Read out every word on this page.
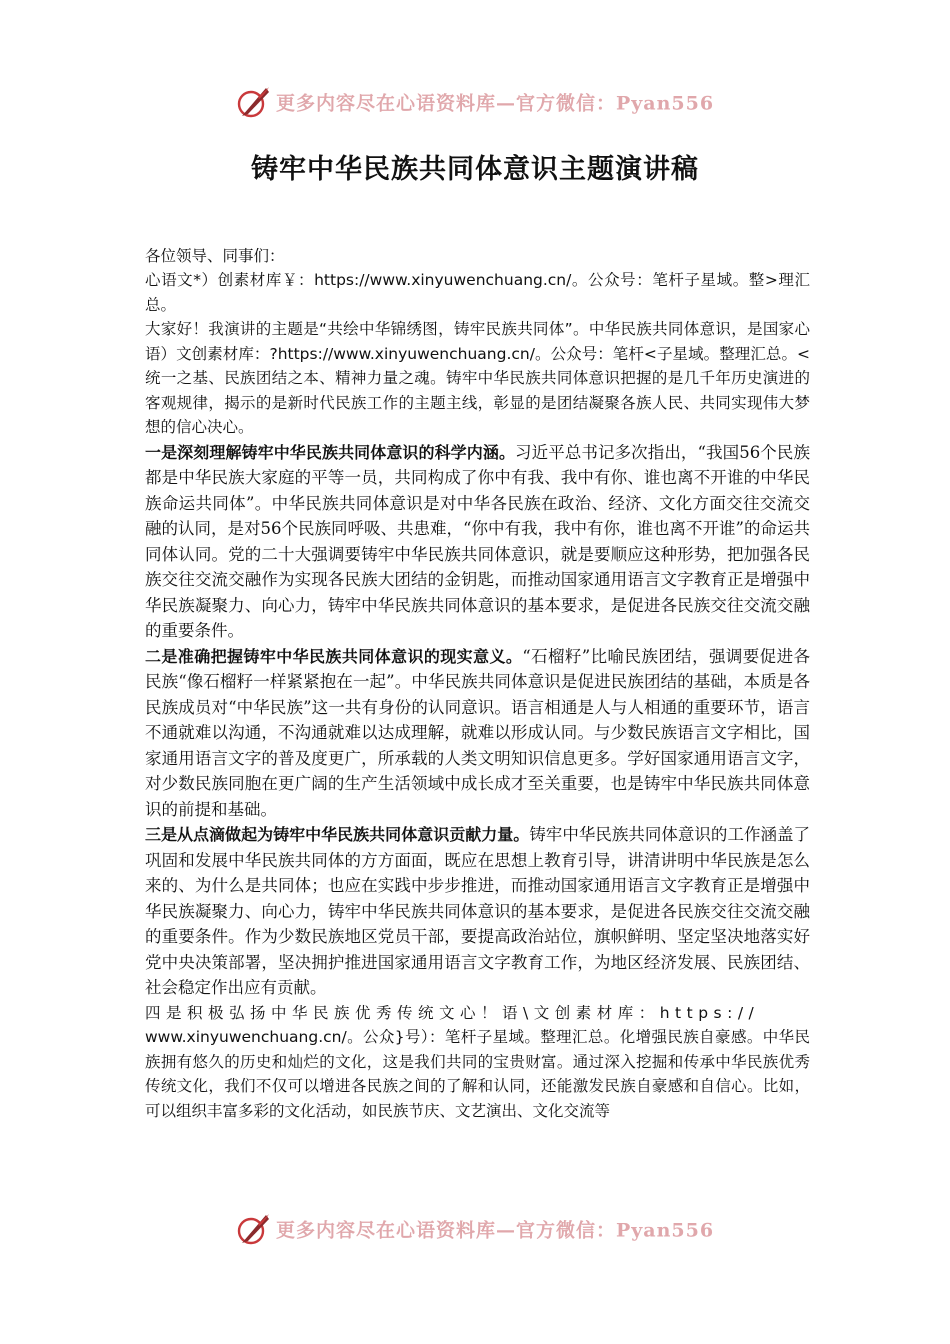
更多内容尽在心语资料库—官方微信：Pyan556
铸牢中华民族共同体意识主题演讲稿

各位领导、同事们：

心语文*）创素材库￥：https://www.xinyuwenchuang.cn/。公众号：笔杆子星域。整>理汇总。

大家好！我演讲的主题是“共绘中华锦绣图，铸牢民族共同体”。中华民族共同体意识，是国家心语）文创素材库：?https://www.xinyuwenchuang.cn/。公众号：笔杆<子星域。整理汇总。<统一之基、民族团结之本、精神力量之魂。铸牢中华民族共同体意识把握的是几千年历史演进的客观规律，揭示的是新时代民族工作的主题主线，彰显的是团结凝聚各族人民、共同实现伟大梦想的信心决心。

一是深刻理解铸牢中华民族共同体意识的科学内涵。习近平总书记多次指出，“我国56个民族都是中华民族大家庭的平等一员，共同构成了你中有我、我中有你、谁也离不开谁的中华民族命运共同体”。中华民族共同体意识是对中华各民族在政治、经济、文化方面交往交流交融的认同，是对56个民族同呼吸、共患难，“你中有我，我中有你，谁也离不开谁”的命运共同体认同。党的二十大强调要铸牢中华民族共同体意识，就是要顺应这种形势，把加强各民族交往交流交融作为实现各民族大团结的金钥匙，而推动国家通用语言文字教育正是增强中华民族凝聚力、向心力，铸牢中华民族共同体意识的基本要求，是促进各民族交往交流交融的重要条件。

二是准确把握铸牢中华民族共同体意识的现实意义。“石榴籽”比喻民族团结，强调要促进各民族“像石榴籽一样紧紧抱在一起”。中华民族共同体意识是促进民族团结的基础，本质是各民族成员对“中华民族”这一共有身份的认同意识。语言相通是人与人相通的重要环节，语言不通就难以沟通，不沟通就难以达成理解，就难以形成认同。与少数民族语言文字相比，国家通用语言文字的普及度更广，所承载的人类文明知识信息更多。学好国家通用语言文字，对少数民族同胞在更广阔的生产生活领域中成长成才至关重要，也是铸牢中华民族共同体意识的前提和基础。

三是从点滴做起为铸牢中华民族共同体意识贡献力量。铸牢中华民族共同体意识的工作涵盖了巩固和发展中华民族共同体的方方面面，既应在思想上教育引导，讲清讲明中华民族是怎么来的、为什么是共同体；也应在实践中步步推进，而推动国家通用语言文字教育正是增强中华民族凝聚力、向心力，铸牢中华民族共同体意识的基本要求，是促进各民族交往交流交融的重要条件。作为少数民族地区党员干部，要提高政治站位，旗帜鲜明、坚定坚决地落实好党中央决策部署，坚决拥护推进国家通用语言文字教育工作，为地区经济发展、民族团结、社会稳定作出应有贡献。

四是积极弘扬中华民族优秀传统文心！语\文创素材库：https://
www.xinyuwenchuang.cn/。公众}号）：笔杆子星域。整理汇总。化增强民族自豪感。中华民族拥有悠久的历史和灿烂的文化，这是我们共同的宝贵财富。通过深入挖掘和传承中华民族优秀传统文化，我们不仅可以增进各民族之间的了解和认同，还能激发民族自豪感和自信心。比如，可以组织丰富多彩的文化活动，如民族节庆、文艺演出、文化交流等

更多内容尽在心语资料库—官方微信：Pyan556
